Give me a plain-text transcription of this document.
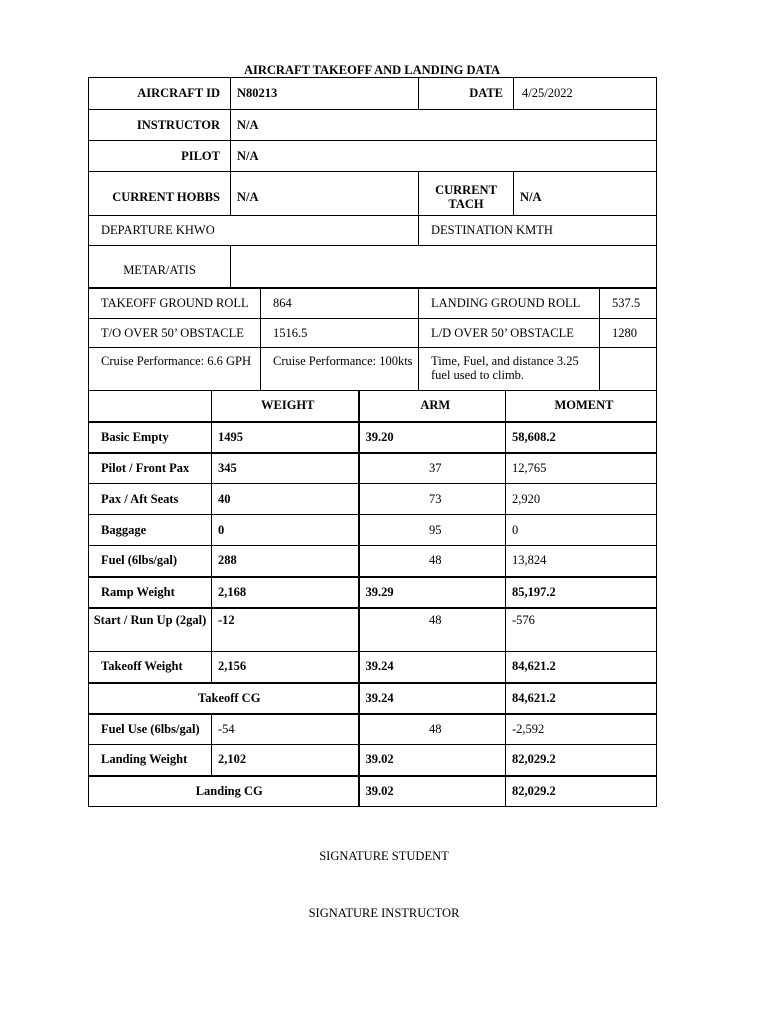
AIRCRAFT TAKEOFF AND LANDING DATA
AIRCRAFT ID	N80213	DATE	4/25/2022
INSTRUCTOR	N/A		
PILOT	N/A		
CURRENT HOBBS	N/A	CURRENT TACH	N/A
DEPARTURE KHWO		DESTINATION KMTH	
METAR/ATIS			
TAKEOFF GROUND ROLL	864	LANDING GROUND ROLL	537.5
T/O OVER 50’ OBSTACLE	1516.5	L/D OVER 50’ OBSTACLE	1280
Cruise Performance: 6.6 GPH	Cruise Performance: 100kts	Time, Fuel, and distance 3.25 fuel used to climb.	
	WEIGHT	ARM	MOMENT
Basic Empty	1495	39.20	58,608.2
Pilot / Front Pax	345	37	12,765
Pax / Aft Seats	40	73	2,920
Baggage	0	95	0
Fuel (6lbs/gal)	288	48	13,824
Ramp Weight	2,168	39.29	85,197.2
Start / Run Up (2gal)	-12	48	-576
Takeoff Weight	2,156	39.24	84,621.2
Takeoff CG		39.24	84,621.2
Fuel Use (6lbs/gal)	-54	48	-2,592
Landing Weight	2,102	39.02	82,029.2
Landing CG		39.02	82,029.2
SIGNATURE STUDENT
SIGNATURE INSTRUCTOR
